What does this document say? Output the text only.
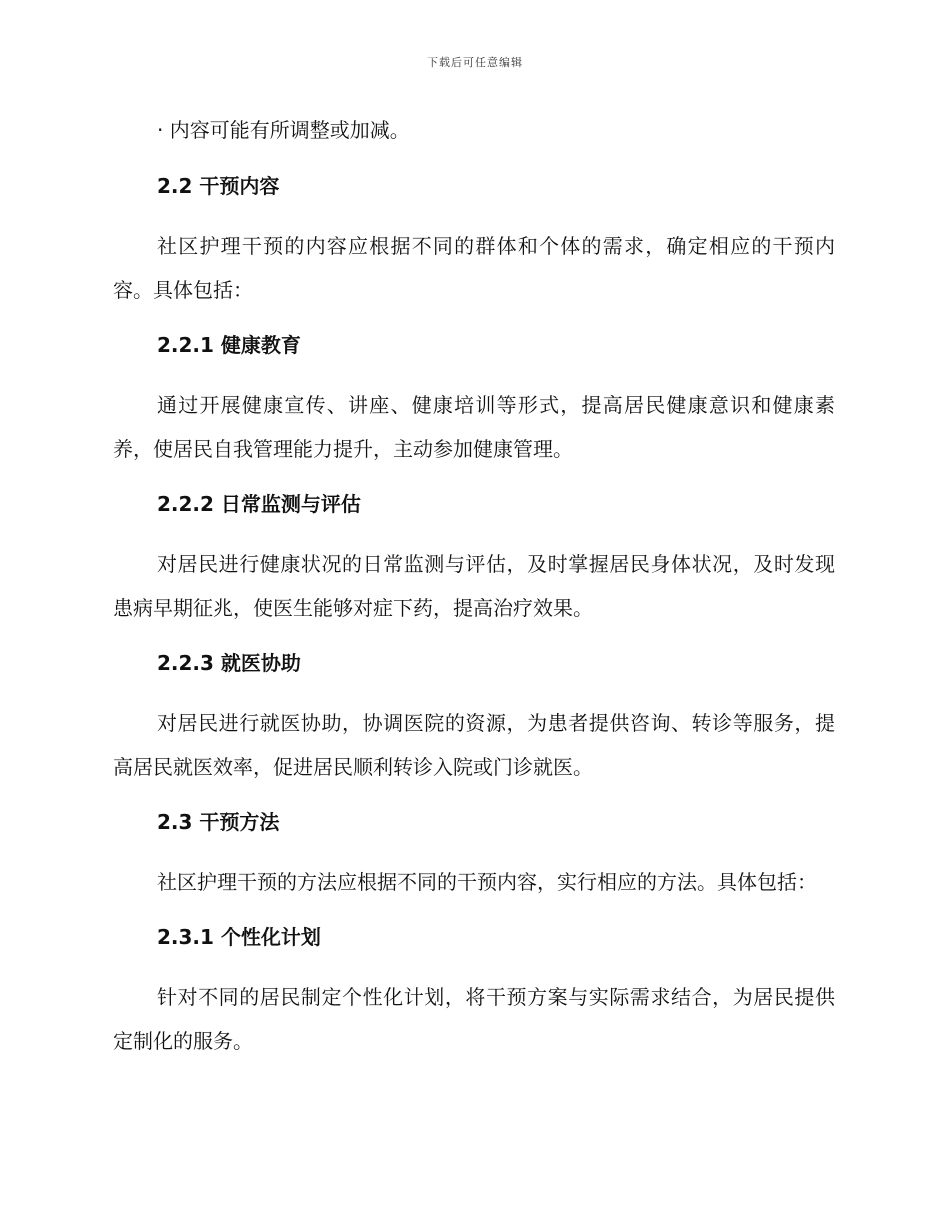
下载后可任意编辑
· 内容可能有所调整或加减。
2.2 干预内容

社区护理干预的内容应根据不同的群体和个体的需求，确定相应的干预内容。具体包括：

2.2.1 健康教育

通过开展健康宣传、讲座、健康培训等形式，提高居民健康意识和健康素养，使居民自我管理能力提升，主动参加健康管理。

2.2.2 日常监测与评估

对居民进行健康状况的日常监测与评估，及时掌握居民身体状况，及时发现患病早期征兆，使医生能够对症下药，提高治疗效果。

2.2.3 就医协助

对居民进行就医协助，协调医院的资源，为患者提供咨询、转诊等服务，提高居民就医效率，促进居民顺利转诊入院或门诊就医。

2.3 干预方法

社区护理干预的方法应根据不同的干预内容，实行相应的方法。具体包括：

2.3.1 个性化计划

针对不同的居民制定个性化计划，将干预方案与实际需求结合，为居民提供定制化的服务。
